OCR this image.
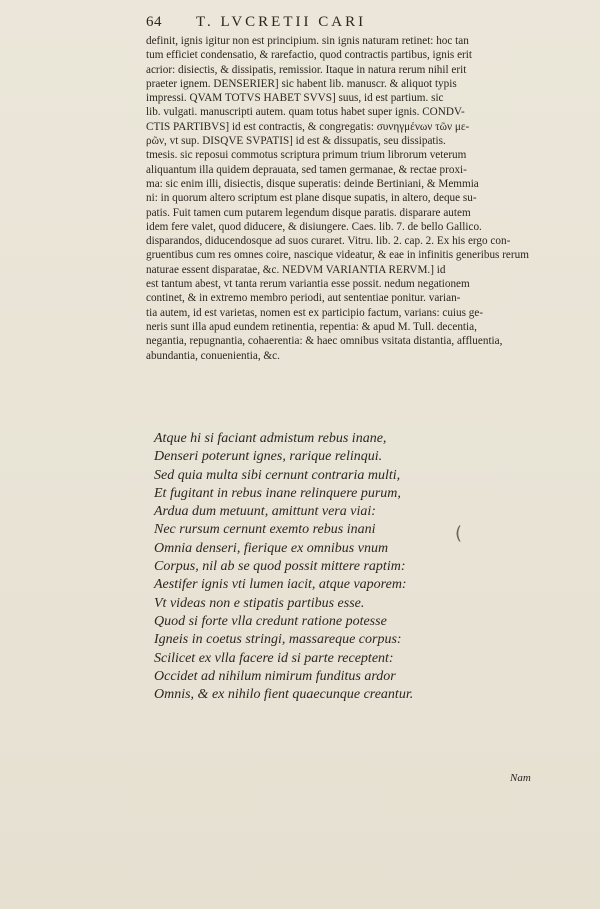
64 T. LVCRETII CARI
definit, ignis igitur non est principium. sin ignis naturam retinet: hoc tan
tum efficiet condensatio, & rarefactio, quod contractis partibus, ignis erit
acrior: disiectis, & dissipatis, remissior. Itaque in natura rerum nihil erit
praeter ignem. DENSERIER] sic habent lib. manuscr. & aliquot typis
impressi. QVAM TOTVS HABET SVVS] suus, id est partium. sic
lib. vulgati. manuscripti autem. quam totus habet super ignis. CONDV-
CTIS PARTIBVS] id est contractis, & congregatis: συνηγμένων τῶν με-
ρῶν, vt sup. DISQVE SVPATIS] id est & dissupatis, seu dissipatis.
tmesis. sic reposui commotus scriptura primum trium librorum veterum
aliquantum illa quidem deprauata, sed tamen germanae, & rectae proxi-
ma: sic enim illi, disiectis, disque superatis: deinde Bertiniani, & Memmia
ni: in quorum altero scriptum est plane disque supatis, in altero, deque su-
patis. Fuit tamen cum putarem legendum disque paratis. disparare autem
idem fere valet, quod diducere, & disiungere. Caes. lib. 7. de bello Gallico.
disparandos, diducendosque ad suos curaret. Vitru. lib. 2. cap. 2. Ex his ergo con-
gruentibus cum res omnes coire, nascique videatur, & eae in infinitis generibus rerum
naturae essent disparatae, &c. NEDVM VARIANTIA RERVM.] id
est tantum abest, vt tanta rerum variantia esse possit. nedum negationem
continet, & in extremo membro periodi, aut sententiae ponitur. varian-
tia autem, id est varietas, nomen est ex participio factum, varians: cuius ge-
neris sunt illa apud eundem retinentia, repentia: & apud M. Tull. decentia,
negantia, repugnantia, cohaerentia: & haec omnibus vsitata distantia, affluentia,
abundantia, conuenientia, &c.
Atque hi si faciant admistum rebus inane,
Denseri poterunt ignes, rarique relinqui.
Sed quia multa sibi cernunt contraria multi,
Et fugitant in rebus inane relinquere purum,
Ardua dum metuunt, amittunt vera viai:
Nec rursum cernunt exemto rebus inani
Omnia denseri, fierique ex omnibus vnum
Corpus, nil ab se quod possit mittere raptim:
Aestifer ignis vti lumen iacit, atque vaporem:
Vt videas non e stipatis partibus esse.
Quod si forte vlla credunt ratione potesse
Igneis in coetus stringi, massareque corpus:
Scilicet ex vlla facere id si parte receptent:
Occidet ad nihilum nimirum funditus ardor
Omnis, & ex nihilo fient quaecunque creantur.
(
Nam
